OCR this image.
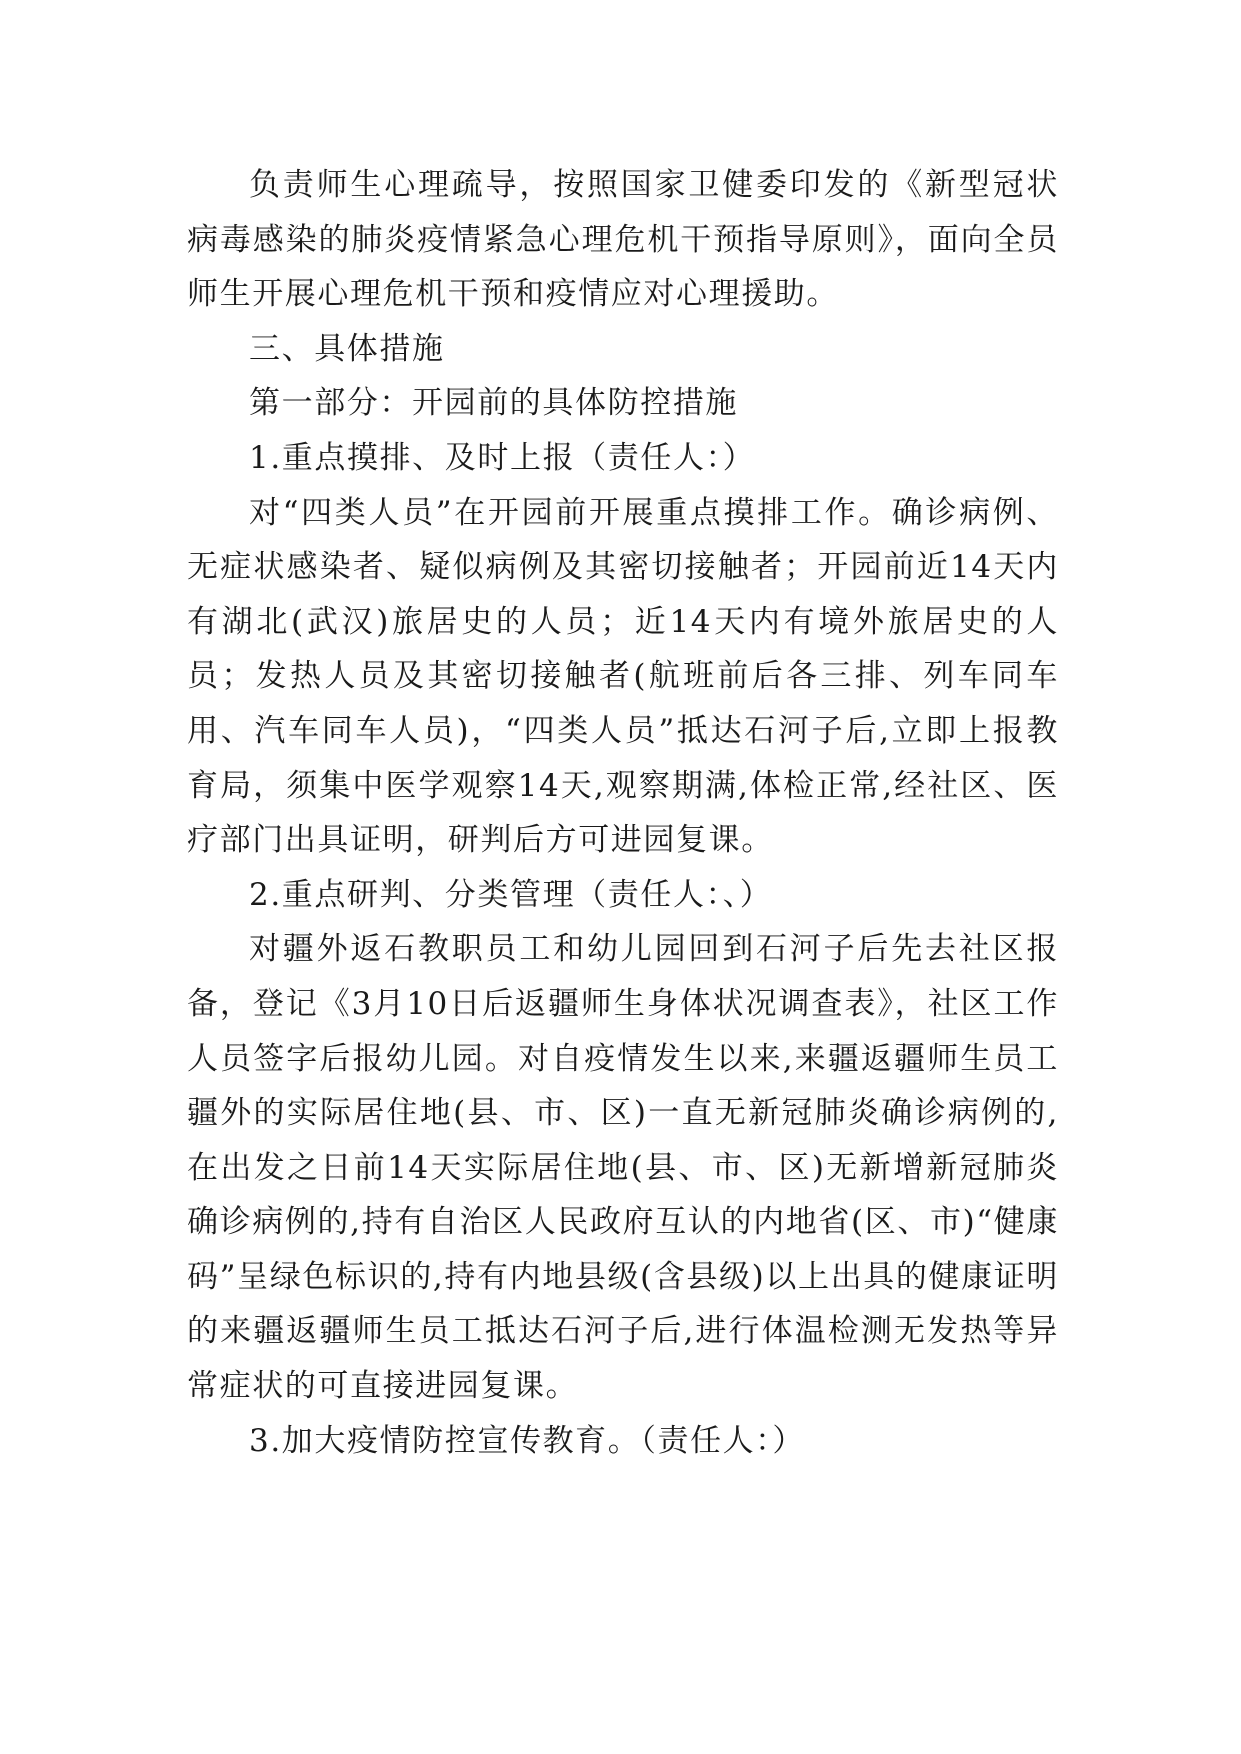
负责师生心理疏导，按照国家卫健委印发的《新型冠状病毒感染的肺炎疫情紧急心理危机干预指导原则》，面向全员师生开展心理危机干预和疫情应对心理援助。

三、具体措施

第一部分：开园前的具体防控措施

1.重点摸排、及时上报（责任人：）

对“四类人员”在开园前开展重点摸排工作。确诊病例、无症状感染者、疑似病例及其密切接触者；开园前近14天内有湖北(武汉)旅居史的人员；近14天内有境外旅居史的人员；发热人员及其密切接触者(航班前后各三排、列车同车用、汽车同车人员)，“四类人员”抵达石河子后,立即上报教育局，须集中医学观察14天,观察期满,体检正常,经社区、医疗部门出具证明，研判后方可进园复课。

2.重点研判、分类管理（责任人：、）

对疆外返石教职员工和幼儿园回到石河子后先去社区报备，登记《3月10日后返疆师生身体状况调查表》，社区工作人员签字后报幼儿园。对自疫情发生以来,来疆返疆师生员工疆外的实际居住地(县、市、区)一直无新冠肺炎确诊病例的,在出发之日前14天实际居住地(县、市、区)无新增新冠肺炎确诊病例的,持有自治区人民政府互认的内地省(区、市)“健康码”呈绿色标识的,持有内地县级(含县级)以上出具的健康证明的来疆返疆师生员工抵达石河子后,进行体温检测无发热等异常症状的可直接进园复课。

3.加大疫情防控宣传教育。（责任人：）
